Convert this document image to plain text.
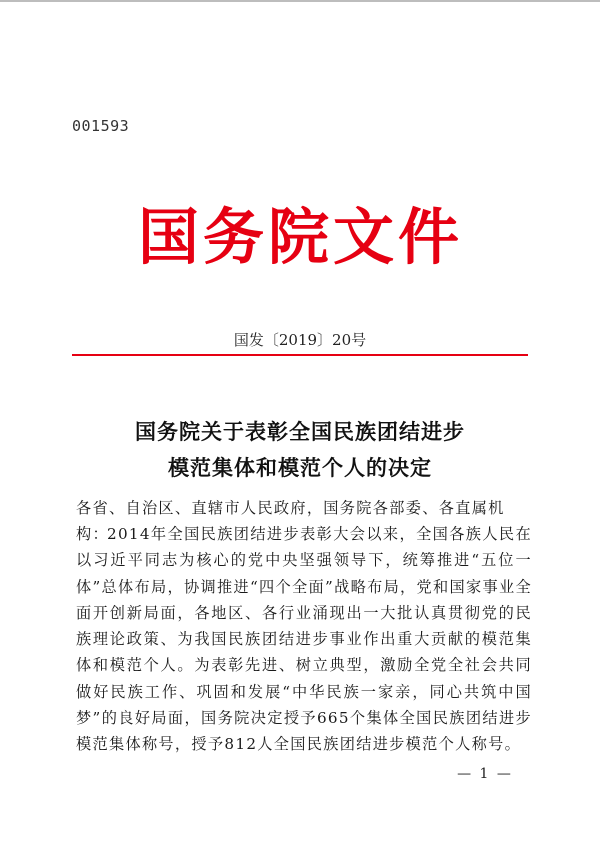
001593
国务院文件
国发〔2019〕20号
国务院关于表彰全国民族团结进步
模范集体和模范个人的决定
各省、自治区、直辖市人民政府，国务院各部委、各直属机构：
2014年全国民族团结进步表彰大会以来，全国各族人民在以习近平同志为核心的党中央坚强领导下，统筹推进“五位一体”总体布局，协调推进“四个全面”战略布局，党和国家事业全面开创新局面，各地区、各行业涌现出一大批认真贯彻党的民族理论政策、为我国民族团结进步事业作出重大贡献的模范集体和模范个人。为表彰先进、树立典型，激励全党全社会共同做好民族工作、巩固和发展“中华民族一家亲，同心共筑中国梦”的良好局面，国务院决定授予665个集体全国民族团结进步模范集体称号，授予812人全国民族团结进步模范个人称号。
— 1 —
